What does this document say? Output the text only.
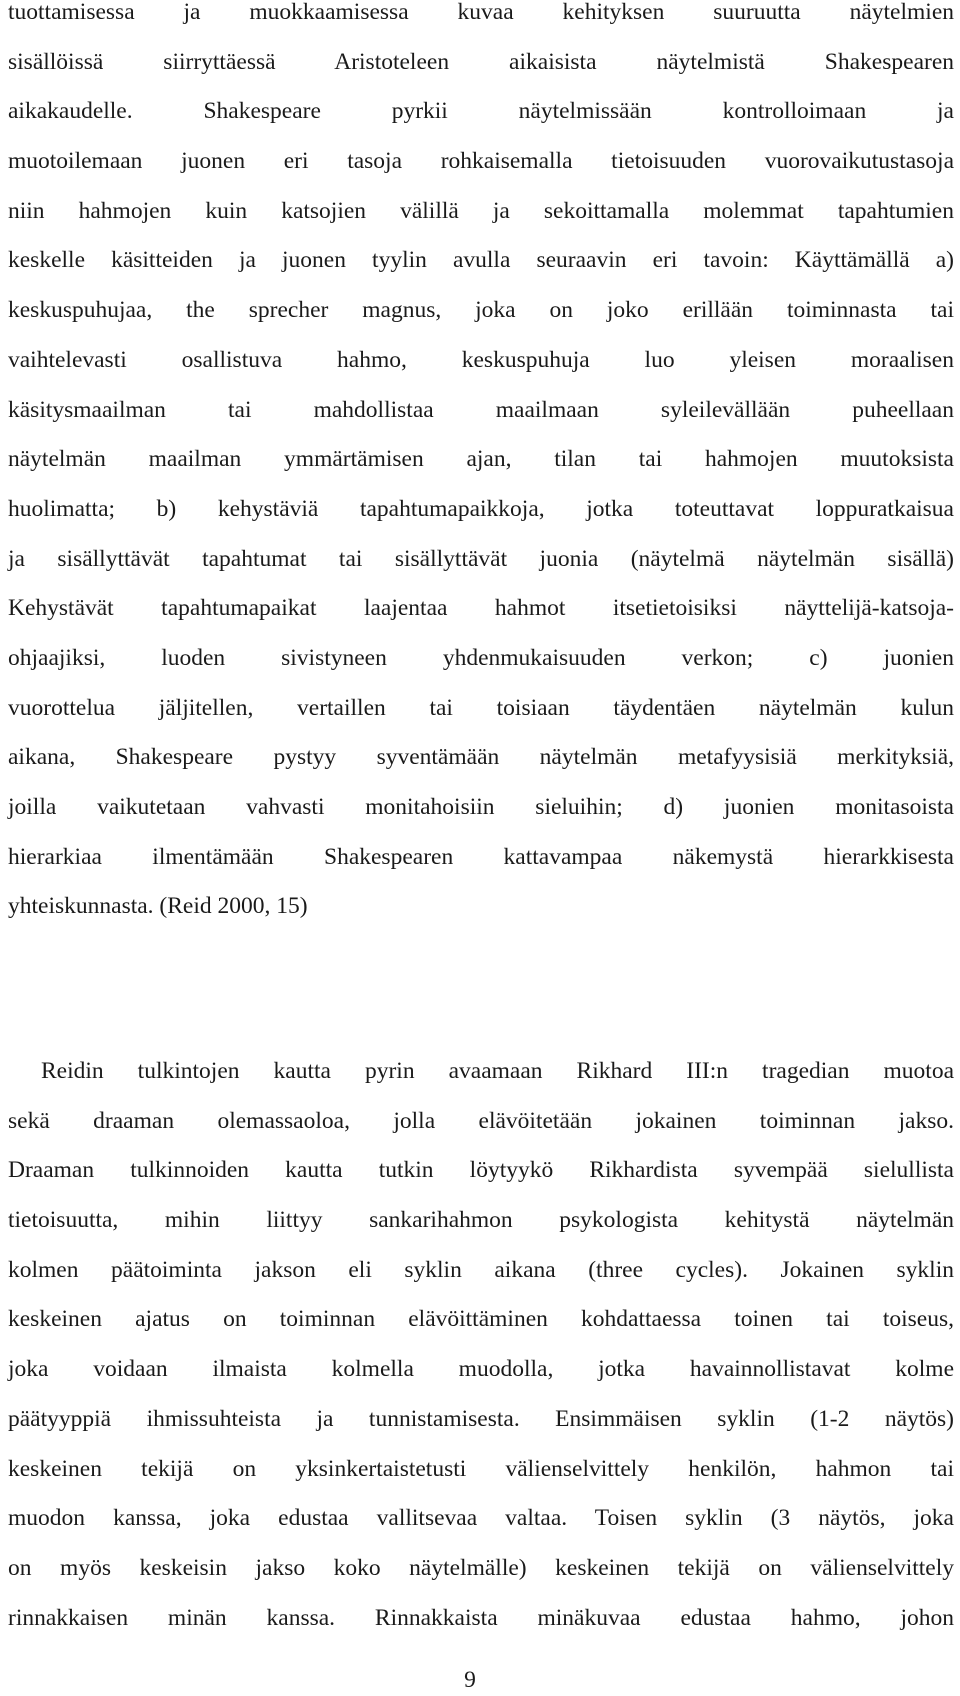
tuottamisessa ja muokkaamisessa kuvaa kehityksen suuruutta näytelmien
sisällöissä siirryttäessä Aristoteleen aikaisista näytelmistä Shakespearen
aikakaudelle. Shakespeare pyrkii näytelmissään kontrolloimaan ja
muotoilemaan juonen eri tasoja rohkaisemalla tietoisuuden vuorovaikutustasoja
niin hahmojen kuin katsojien välillä ja sekoittamalla molemmat tapahtumien
keskelle käsitteiden ja juonen tyylin avulla seuraavin eri tavoin: Käyttämällä a)
keskuspuhujaa, the sprecher magnus, joka on joko erillään toiminnasta tai
vaihtelevasti osallistuva hahmo, keskuspuhuja luo yleisen moraalisen
käsitysmaailman tai mahdollistaa maailmaan syleilevällään puheellaan
näytelmän maailman ymmärtämisen ajan, tilan tai hahmojen muutoksista
huolimatta; b) kehystäviä tapahtumapaikkoja, jotka toteuttavat loppuratkaisua
ja sisällyttävät tapahtumat tai sisällyttävät juonia (näytelmä näytelmän sisällä)
Kehystävät tapahtumapaikat laajentaa hahmot itsetietoisiksi näyttelijä-katsoja-
ohjaajiksi, luoden sivistyneen yhdenmukaisuuden verkon; c) juonien
vuorottelua jäljitellen, vertaillen tai toisiaan täydentäen näytelmän kulun
aikana, Shakespeare pystyy syventämään näytelmän metafyysisiä merkityksiä,
joilla vaikutetaan vahvasti monitahoisiin sieluihin; d) juonien monitasoista
hierarkiaa ilmentämään Shakespearen kattavampaa näkemystä hierarkkisesta
yhteiskunnasta. (Reid 2000, 15)
Reidin tulkintojen kautta pyrin avaamaan Rikhard III:n tragedian muotoa
sekä draaman olemassaoloa, jolla elävöitetään jokainen toiminnan jakso.
Draaman tulkinnoiden kautta tutkin löytyykö Rikhardista syvempää sielullista
tietoisuutta, mihin liittyy sankarihahmon psykologista kehitystä näytelmän
kolmen päätoiminta jakson eli syklin aikana (three cycles). Jokainen syklin
keskeinen ajatus on toiminnan elävöittäminen kohdattaessa toinen tai toiseus,
joka voidaan ilmaista kolmella muodolla, jotka havainnollistavat kolme
päätyyppiä ihmissuhteista ja tunnistamisesta. Ensimmäisen syklin (1-2 näytös)
keskeinen tekijä on yksinkertaistetusti välienselvittely henkilön, hahmon tai
muodon kanssa, joka edustaa vallitsevaa valtaa. Toisen syklin (3 näytös, joka
on myös keskeisin jakso koko näytelmälle) keskeinen tekijä on välienselvittely
rinnakkaisen minän kanssa. Rinnakkaista minäkuvaa edustaa hahmo, johon
9
